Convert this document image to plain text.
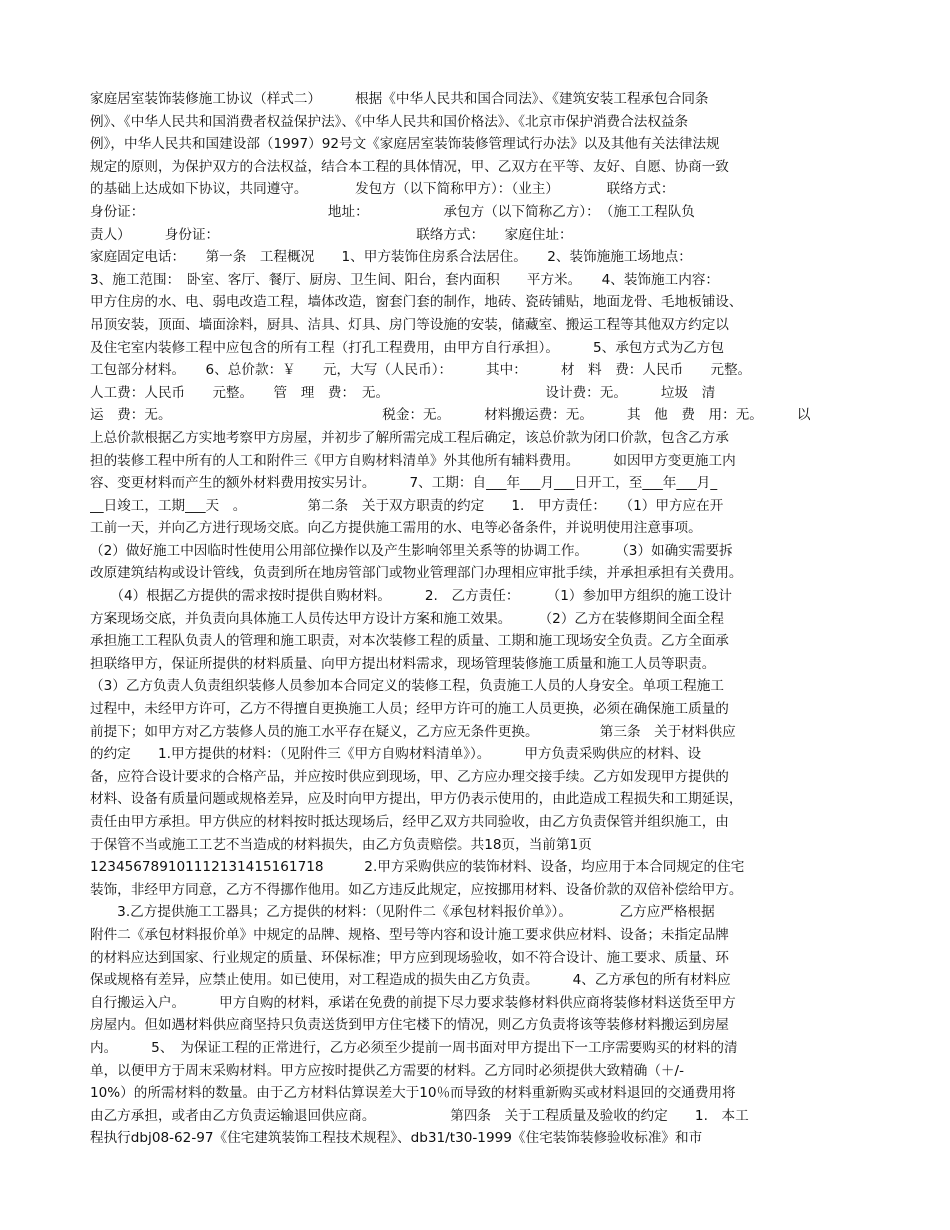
家庭居室装饰装修施工协议（样式二）　　　根据《中华人民共和国合同法》、《建筑安装工程承包合同条
例》、《中华人民共和国消费者权益保护法》、《中华人民共和国价格法》、《北京市保护消费合法权益条
例》，中华人民共和国建设部（1997）92号文《家庭居室装饰装修管理试行办法》以及其他有关法律法规
规定的原则，为保护双方的合法权益，结合本工程的具体情况，甲、乙双方在平等、友好、自愿、协商一致
的基础上达成如下协议，共同遵守。　　　　发包方（以下简称甲方）：（业主）　　　　联络方式：
身份证：　　　　　　　　　　　　　　地址：　　　　　　承包方（以下简称乙方）：　（施工工程队负
责人）　　　身份证：　　　　　　　　　　　　　　　联络方式：　　家庭住址：
家庭固定电话：　　第一条　工程概况　　1、甲方装饰住房系合法居住。　　2、装饰施施工场地点：
3、施工范围：　卧室、客厅、餐厅、厨房、卫生间、阳台，套内面积　　平方米。　　4、装饰施工内容：
甲方住房的水、电、弱电改造工程，墙体改造，窗套门套的制作，地砖、瓷砖铺贴，地面龙骨、毛地板铺设、
吊顶安装，顶面、墙面涂料，厨具、洁具、灯具、房门等设施的安装，储藏室、搬运工程等其他双方约定以
及住宅室内装修工程中应包含的所有工程（打孔工程费用，由甲方自行承担）。　　　5、承包方式为乙方包
工包部分材料。　　6、总价款：￥　　元，大写（人民币）：　　　其中：　　　材　料　费：人民币　　元整。
人工费：人民币　　元整。　　管　理　费：　无。　　　　　　　　　　　　设计费：无。　　　垃圾　清
运　费：无。　　　　　　　　　　　　　　　　税金：无。　　　材料搬运费：无。　　　其　他　费　用：无。　　　以
上总价款根据乙方实地考察甲方房屋，并初步了解所需完成工程后确定，该总价款为闭口价款，包含乙方承
担的装修工程中所有的人工和附件三《甲方自购材料清单》外其他所有辅料费用。　　　如因甲方变更施工内
容、变更材料而产生的额外材料费用按实另计。　　　7、工期：自___年___月___日开工，至___年___月_
__日竣工，工期___天　。　　　　　第二条　关于双方职责的约定　　1.　甲方责任：　　（1）甲方应在开
工前一天，并向乙方进行现场交底。向乙方提供施工需用的水、电等必备条件，并说明使用注意事项。
（2）做好施工中因临时性使用公用部位操作以及产生影响邻里关系等的协调工作。　　　（3）如确实需要拆
改原建筑结构或设计管线，负责到所在地房管部门或物业管理部门办理相应审批手续，并承担承担有关费用。
　　（4）根据乙方提供的需求按时提供自购材料。　　　2.　乙方责任：　　　（1）参加甲方组织的施工设计
方案现场交底，并负责向具体施工人员传达甲方设计方案和施工效果。　　　（2）乙方在装修期间全面全程
承担施工工程队负责人的管理和施工职责，对本次装修工程的质量、工期和施工现场安全负责。乙方全面承
担联络甲方，保证所提供的材料质量、向甲方提出材料需求，现场管理装修施工质量和施工人员等职责。
（3）乙方负责人负责组织装修人员参加本合同定义的装修工程，负责施工人员的人身安全。单项工程施工
过程中，未经甲方许可，乙方不得擅自更换施工人员；经甲方许可的施工人员更换，必须在确保施工质量的
前提下；如甲方对乙方装修人员的施工水平存在疑义，乙方应无条件更换。　　　　　第三条　关于材料供应
的约定　　1.甲方提供的材料：（见附件三《甲方自购材料清单》）。　　　甲方负责采购供应的材料、设
备，应符合设计要求的合格产品，并应按时供应到现场，甲、乙方应办理交接手续。乙方如发现甲方提供的
材料、设备有质量问题或规格差异，应及时向甲方提出，甲方仍表示使用的，由此造成工程损失和工期延误，
责任由甲方承担。甲方供应的材料按时抵达现场后，经甲乙双方共同验收，由乙方负责保管并组织施工，由
于保管不当或施工工艺不当造成的材料损失，由乙方负责赔偿。共18页，当前第1页
123456789101112131415161718　　　2.甲方采购供应的装饰材料、设备，均应用于本合同规定的住宅
装饰，非经甲方同意，乙方不得挪作他用。如乙方违反此规定，应按挪用材料、设备价款的双倍补偿给甲方。
　　3.乙方提供施工工器具；乙方提供的材料：（见附件二《承包材料报价单》）。　　　　乙方应严格根据
附件二《承包材料报价单》中规定的品牌、规格、型号等内容和设计施工要求供应材料、设备；未指定品牌
的材料应达到国家、行业规定的质量、环保标准；甲方应到现场验收，如不符合设计、施工要求、质量、环
保或规格有差异，应禁止使用。如已使用，对工程造成的损失由乙方负责。　　　4、乙方承包的所有材料应
自行搬运入户。　　　甲方自购的材料，承诺在免费的前提下尽力要求装修材料供应商将装修材料送货至甲方
房屋内。但如遇材料供应商坚持只负责送货到甲方住宅楼下的情况，则乙方负责将该等装修材料搬运到房屋
内。　　　5、　为保证工程的正常进行，乙方必须至少提前一周书面对甲方提出下一工序需要购买的材料的清
单，以便甲方于周末采购材料。甲方应按时提供乙方需要的材料。乙方同时必须提供大致精确（＋/-
10%）的所需材料的数量。由于乙方材料估算误差大于10％而导致的材料重新购买或材料退回的交通费用将
由乙方承担，或者由乙方负责运输退回供应商。　　　　　　第四条　关于工程质量及验收的约定　　1.　本工
程执行dbj08-62-97《住宅建筑装饰工程技术规程》、db31/t30-1999《住宅装饰装修验收标准》和市
